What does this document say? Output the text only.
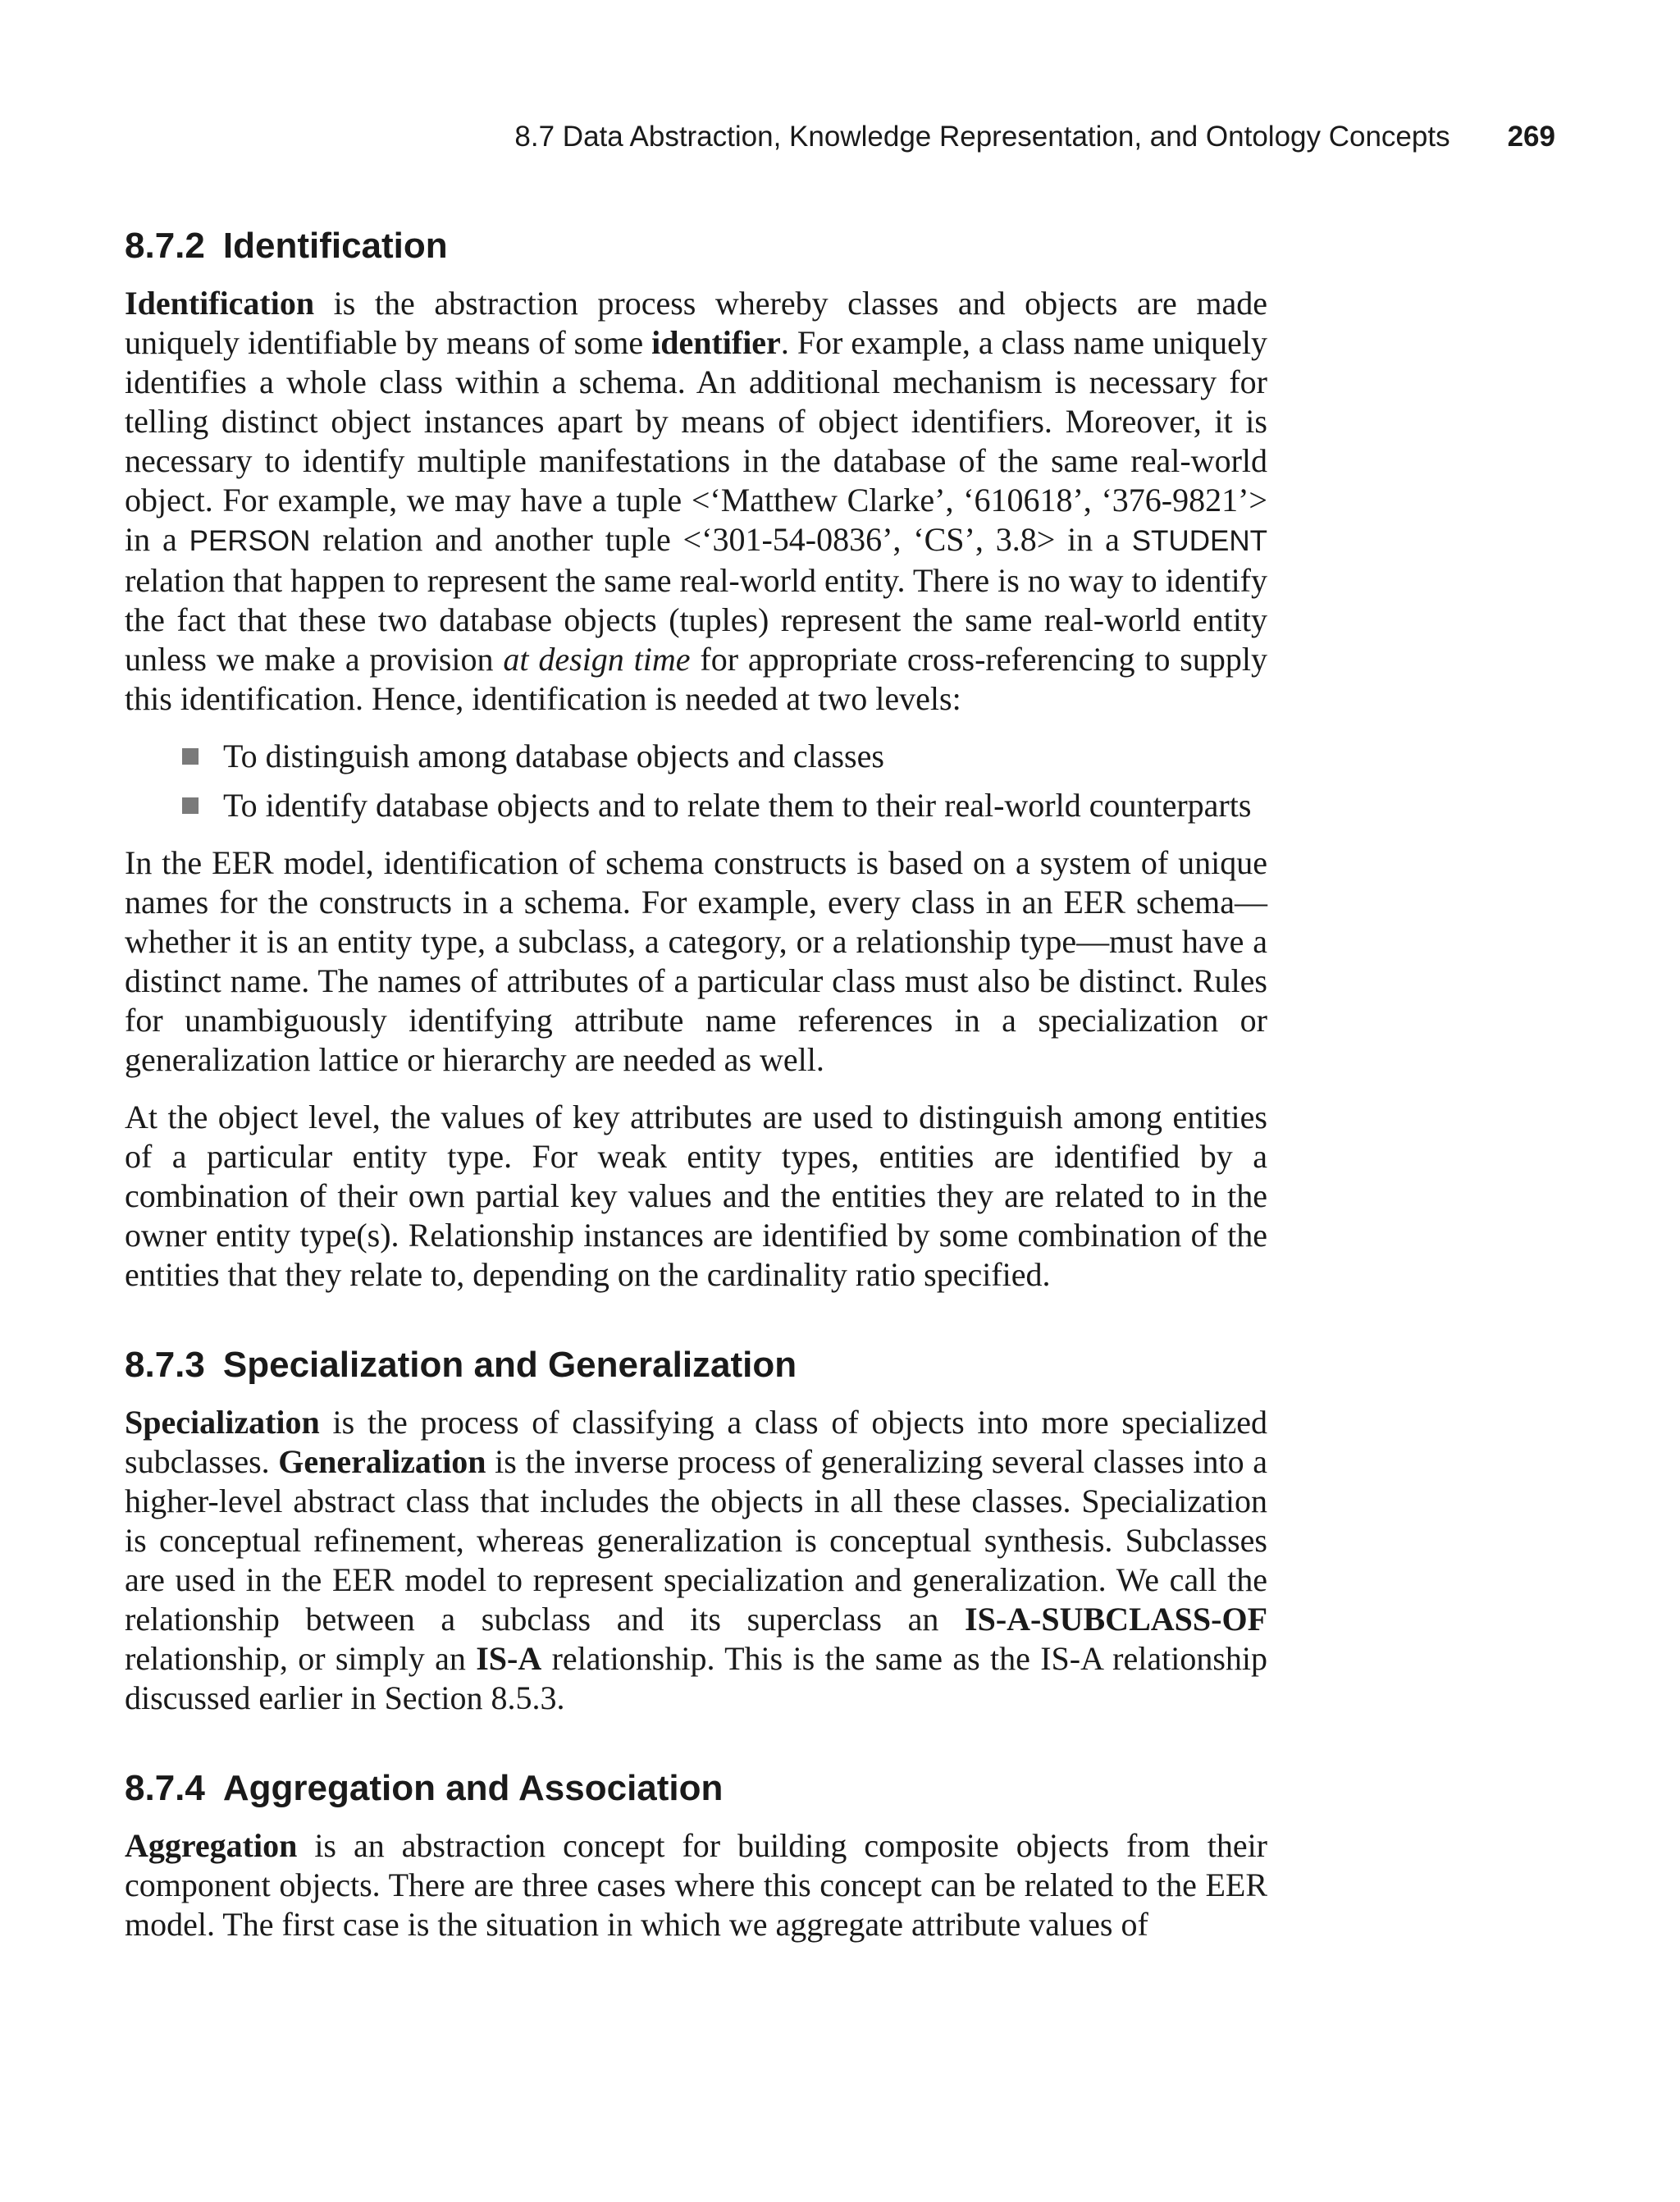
8.7 Data Abstraction, Knowledge Representation, and Ontology Concepts 269
8.7.2 Identification

Identification is the abstraction process whereby classes and objects are made uniquely identifiable by means of some identifier. For example, a class name uniquely identifies a whole class within a schema. An additional mechanism is necessary for telling distinct object instances apart by means of object identifiers. Moreover, it is necessary to identify multiple manifestations in the database of the same real-world object. For example, we may have a tuple <‘Matthew Clarke’, ‘610618’, ‘376-9821’> in a PERSON relation and another tuple <‘301-54-0836’, ‘CS’, 3.8> in a STUDENT relation that happen to represent the same real-world entity. There is no way to identify the fact that these two database objects (tuples) represent the same real-world entity unless we make a provision at design time for appropriate cross-referencing to supply this identification. Hence, identification is needed at two levels:

To distinguish among database objects and classes
To identify database objects and to relate them to their real-world counterparts

In the EER model, identification of schema constructs is based on a system of unique names for the constructs in a schema. For example, every class in an EER schema—whether it is an entity type, a subclass, a category, or a relationship type—must have a distinct name. The names of attributes of a particular class must also be distinct. Rules for unambiguously identifying attribute name references in a specialization or generalization lattice or hierarchy are needed as well.

At the object level, the values of key attributes are used to distinguish among entities of a particular entity type. For weak entity types, entities are identified by a combination of their own partial key values and the entities they are related to in the owner entity type(s). Relationship instances are identified by some combination of the entities that they relate to, depending on the cardinality ratio specified.

8.7.3 Specialization and Generalization

Specialization is the process of classifying a class of objects into more specialized subclasses. Generalization is the inverse process of generalizing several classes into a higher-level abstract class that includes the objects in all these classes. Specialization is conceptual refinement, whereas generalization is conceptual synthesis. Subclasses are used in the EER model to represent specialization and generalization. We call the relationship between a subclass and its superclass an IS-A-SUBCLASS-OF relationship, or simply an IS-A relationship. This is the same as the IS-A relationship discussed earlier in Section 8.5.3.

8.7.4 Aggregation and Association

Aggregation is an abstraction concept for building composite objects from their component objects. There are three cases where this concept can be related to the EER model. The first case is the situation in which we aggregate attribute values of
